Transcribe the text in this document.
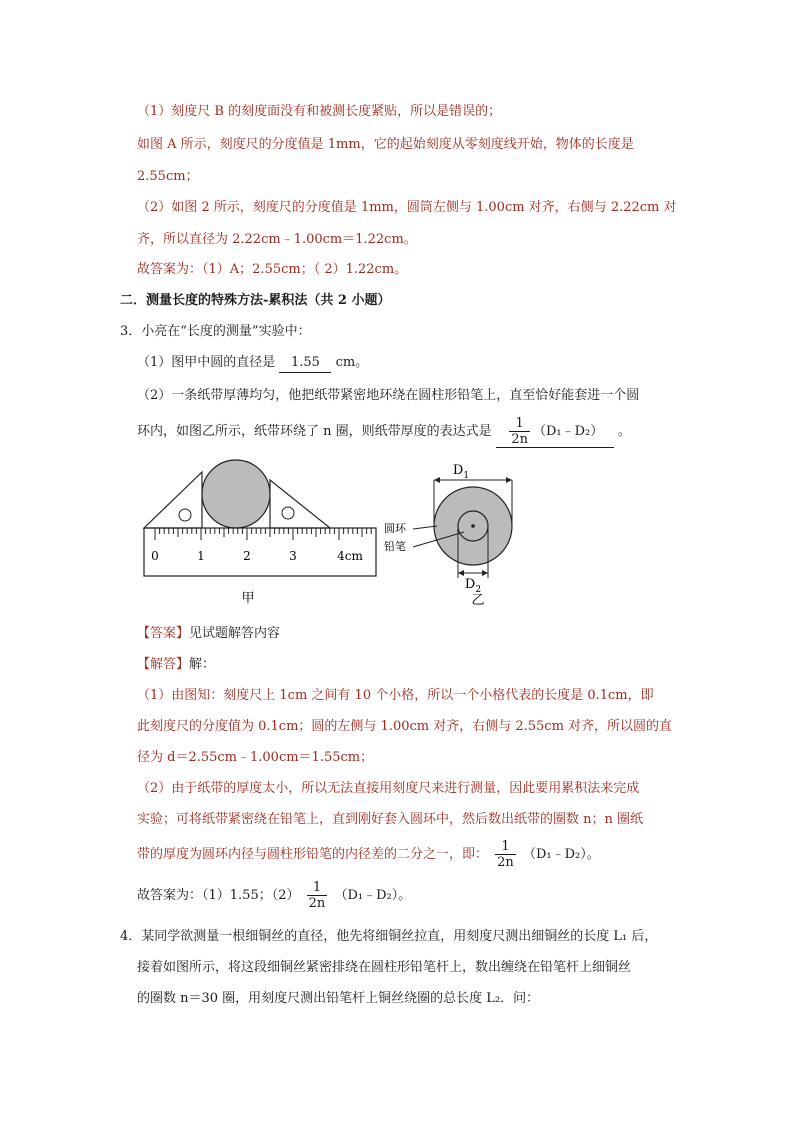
（1）刻度尺 B 的刻度面没有和被测长度紧贴，所以是错误的；
如图 A 所示，刻度尺的分度值是 1mm，它的起始刻度从零刻度线开始，物体的长度是
2.55cm；
（2）如图 2 所示，刻度尺的分度值是 1mm，圆筒左侧与 1.00cm 对齐，右侧与 2.22cm 对
齐，所以直径为 2.22cm﹣1.00cm＝1.22cm。
故答案为：（1）A；2.55cm；（ 2）1.22cm。
二．测量长度的特殊方法-累积法（共 2 小题）
3．小亮在“长度的测量”实验中：
（1）图甲中圆的直径是 1.55 cm。
（2）一条纸带厚薄均匀，他把纸带紧密地环绕在圆柱形铅笔上，直至恰好能套进一个圆
环内，如图乙所示，纸带环绕了 n 圈，则纸带厚度的表达式是 $\frac{1}{2n}$ （D₁﹣D₂） 。
0	1	2	3	4cm
甲
$D_1$
$D_2$
乙
圆环
铅笔
【答案】见试题解答内容
【解答】解：
（1）由图知：刻度尺上 1cm 之间有 10 个小格，所以一个小格代表的长度是 0.1cm，即
此刻度尺的分度值为 0.1cm；圆的左侧与 1.00cm 对齐，右侧与 2.55cm 对齐，所以圆的直
径为 d＝2.55cm﹣1.00cm＝1.55cm；
（2）由于纸带的厚度太小，所以无法直接用刻度尺来进行测量，因此要用累积法来完成
实验；可将纸带紧密绕在铅笔上，直到刚好套入圆环中，然后数出纸带的圈数 n；n 圈纸
带的厚度为圆环内径与圆柱形铅笔的内径差的二分之一，即： $\frac{1}{2n}$ （D₁﹣D₂）。
故答案为：（1）1.55；$(2) \frac{1}{2n}$ （D₁﹣D₂）。
4．某同学欲测量一根细铜丝的直径，他先将细铜丝拉直，用刻度尺测出细铜丝的长度 L₁ 后，
接着如图所示，将这段细铜丝紧密排绕在圆柱形铅笔杆上，数出缠绕在铅笔杆上细铜丝
的圈数 n＝30 圈，用刻度尺测出铅笔杆上铜丝绕圈的总长度 L₂．问：
